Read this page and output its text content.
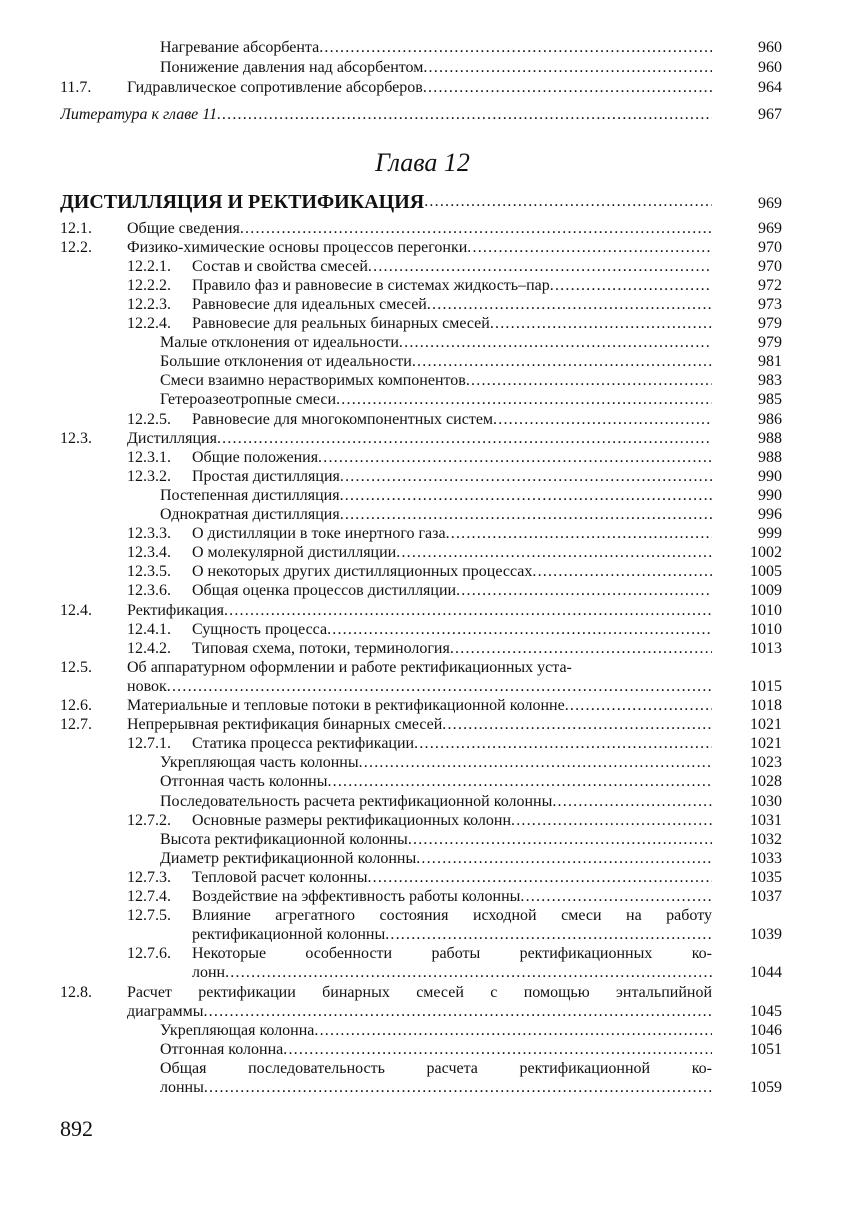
Нагревание абсорбента .....	960
Понижение давления над абсорбентом .....	960
11.7.	Гидравлическое сопротивление абсорберов .....	964
12.1.	Общие сведения .....	969
12.2.	Физико-химические основы процессов перегонки .....	970
12.2.1.	Состав и свойства смесей .....	970
12.2.2.	Правило фаз и равновесие в системах жидкость–пар .....	972
12.2.3.	Равновесие для идеальных смесей .....	973
12.2.4.	Равновесие для реальных бинарных смесей .....	979
Малые отклонения от идеальности .....	979
Большие отклонения от идеальности .....	981
Смеси взаимно нерастворимых компонентов .....	983
Гетероазеотропные смеси .....	985
12.2.5.	Равновесие для многокомпонентных систем .....	986
12.3.	Дистилляция .....	988
12.3.1.	Общие положения .....	988
12.3.2.	Простая дистилляция .....	990
Постепенная дистилляция .....	990
Однократная дистилляция .....	996
12.3.3.	О дистилляции в токе инертного газа .....	999
12.3.4.	О молекулярной дистилляции .....	1002
12.3.5.	О некоторых других дистилляционных процессах .....	1005
12.3.6.	Общая оценка процессов дистилляции .....	1009
12.4.	Ректификация .....	1010
12.4.1.	Сущность процесса .....	1010
12.4.2.	Типовая схема, потоки, терминология .....	1013
12.5.	Об аппаратурном оформлении и работе ректификационных уста-
новок .....	1015
12.6.	Материальные и тепловые потоки в ректификационной колонне .....	1018
12.7.	Непрерывная ректификация бинарных смесей .....	1021
12.7.1.	Статика процесса ректификации .....	1021
Укрепляющая часть колонны .....	1023
Отгонная часть колонны .....	1028
Последовательность расчета ректификационной колонны .....	1030
12.7.2.	Основные размеры ректификационных колонн .....	1031
Высота ректификационной колонны .....	1032
Диаметр ректификационной колонны .....	1033
12.7.3.	Тепловой расчет колонны .....	1035
12.7.4.	Воздействие на эффективность работы колонны .....	1037
12.7.5.	Влияние агрегатного состояния исходной смеси на работу
ректификационной колонны .....	1039
12.7.6.	Некоторые особенности работы ректификационных ко-
лонн .....	1044
12.8.	Расчет ректификации бинарных смесей с помощью энтальпийной
диаграммы .....	1045
Укрепляющая колонна .....	1046
Отгонная колонна .....	1051
Общая последовательность расчета ректификационной ко-
лонны .....	1059
Литература к главе 11 .....	967
Глава 12
ДИСТИЛЛЯЦИЯ И РЕКТИФИКАЦИЯ .....	969
892
